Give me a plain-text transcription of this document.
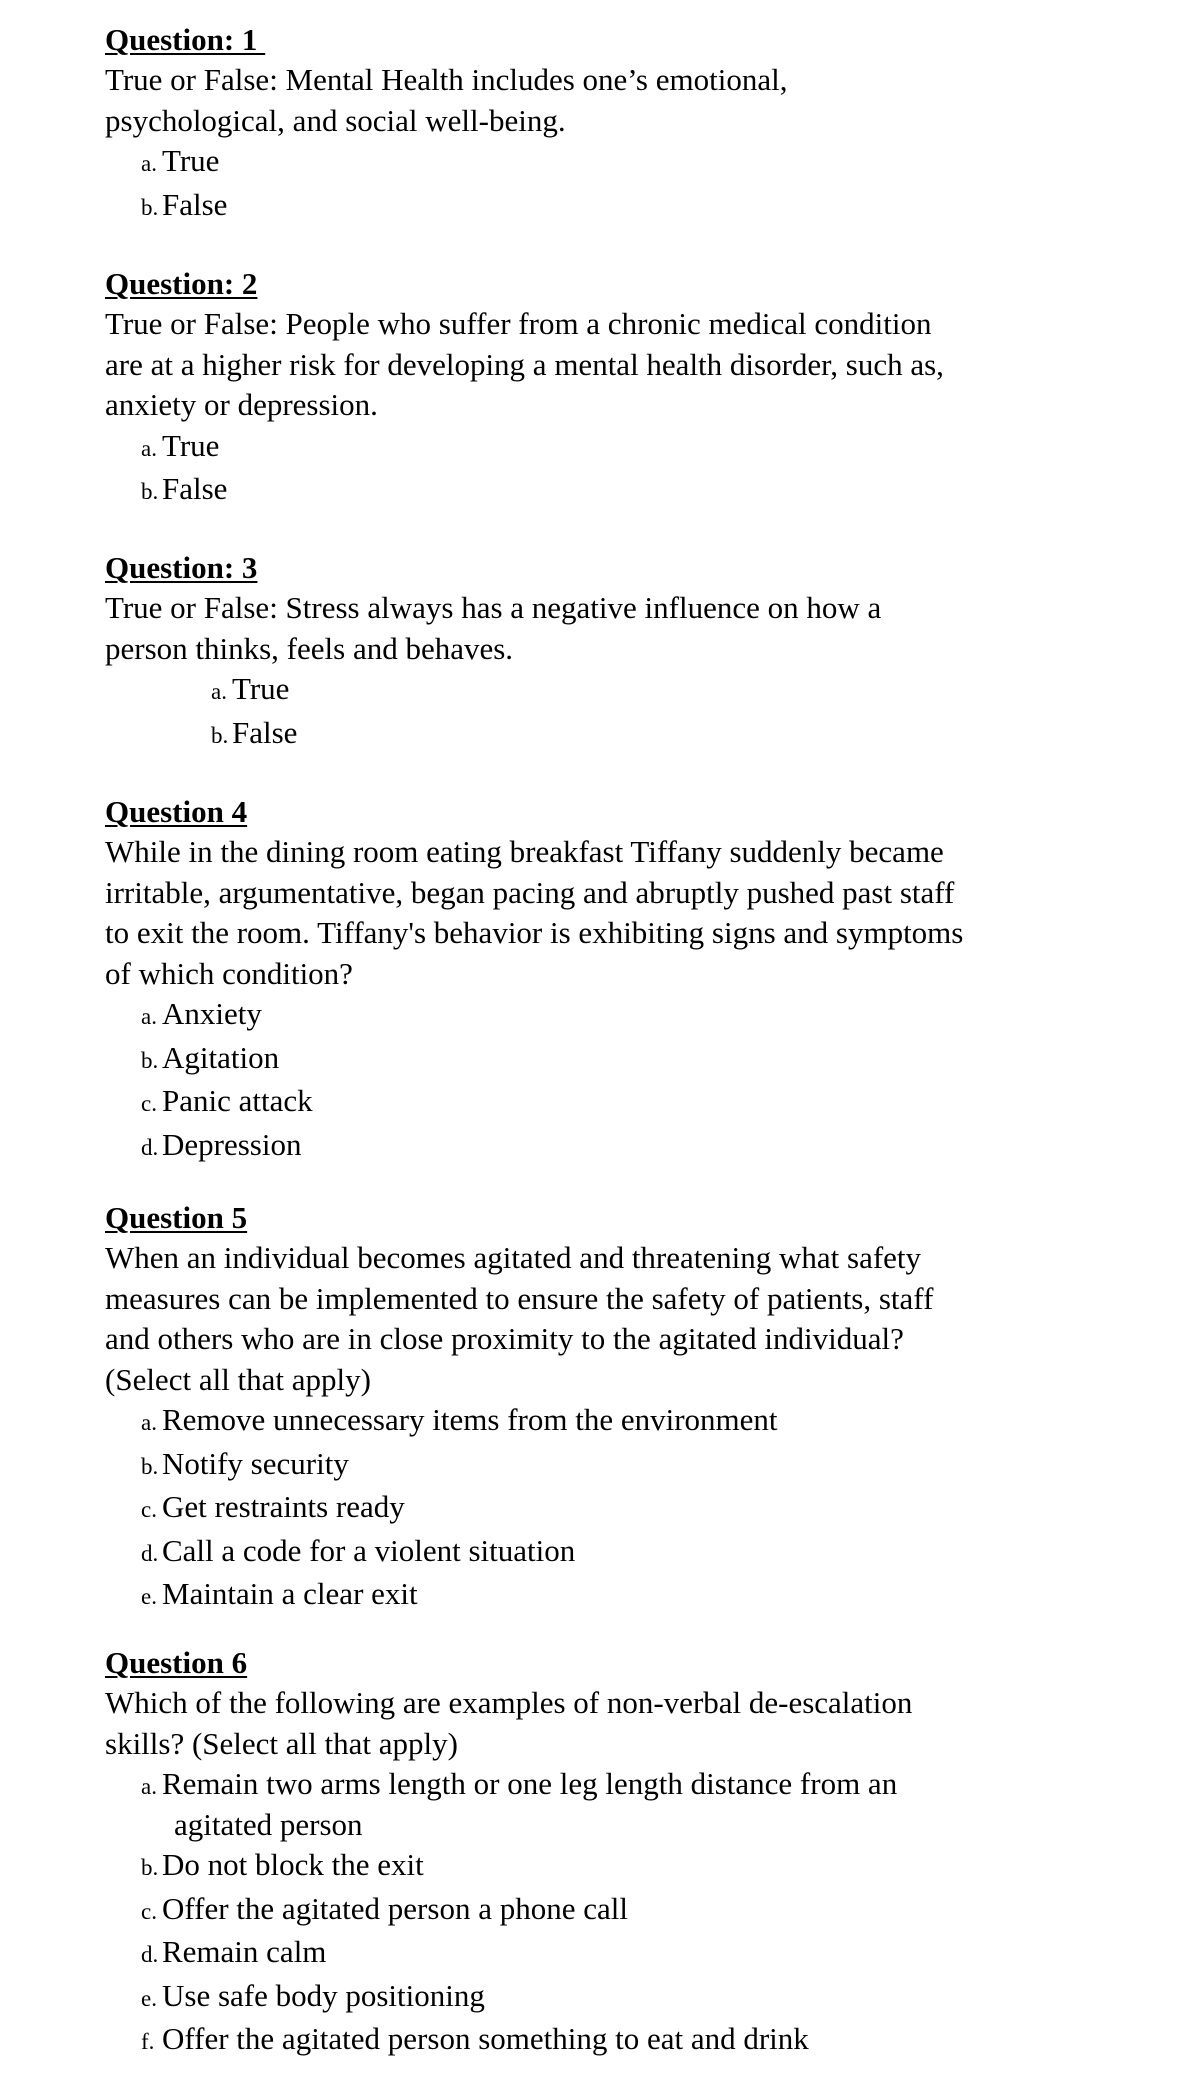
Question: 1

True or False: Mental Health includes one’s emotional,
psychological, and social well-being.

a. True
b. False

Question: 2

True or False: People who suffer from a chronic medical condition
are at a higher risk for developing a mental health disorder, such as,
anxiety or depression.

a. True
b. False

Question: 3

True or False: Stress always has a negative influence on how a
person thinks, feels and behaves.

a. True
b. False

Question 4

While in the dining room eating breakfast Tiffany suddenly became
irritable, argumentative, began pacing and abruptly pushed past staff
to exit the room. Tiffany's behavior is exhibiting signs and symptoms
of which condition?

a. Anxiety
b. Agitation
c. Panic attack
d. Depression

Question 5

When an individual becomes agitated and threatening what safety
measures can be implemented to ensure the safety of patients, staff
and others who are in close proximity to the agitated individual?
(Select all that apply)

a. Remove unnecessary items from the environment
b. Notify security
c. Get restraints ready
d. Call a code for a violent situation
e. Maintain a clear exit

Question 6

Which of the following are examples of non-verbal de-escalation
skills? (Select all that apply)

a. Remain two arms length or one leg length distance from an
agitated person
b. Do not block the exit
c. Offer the agitated person a phone call
d. Remain calm
e. Use safe body positioning
f. Offer the agitated person something to eat and drink
